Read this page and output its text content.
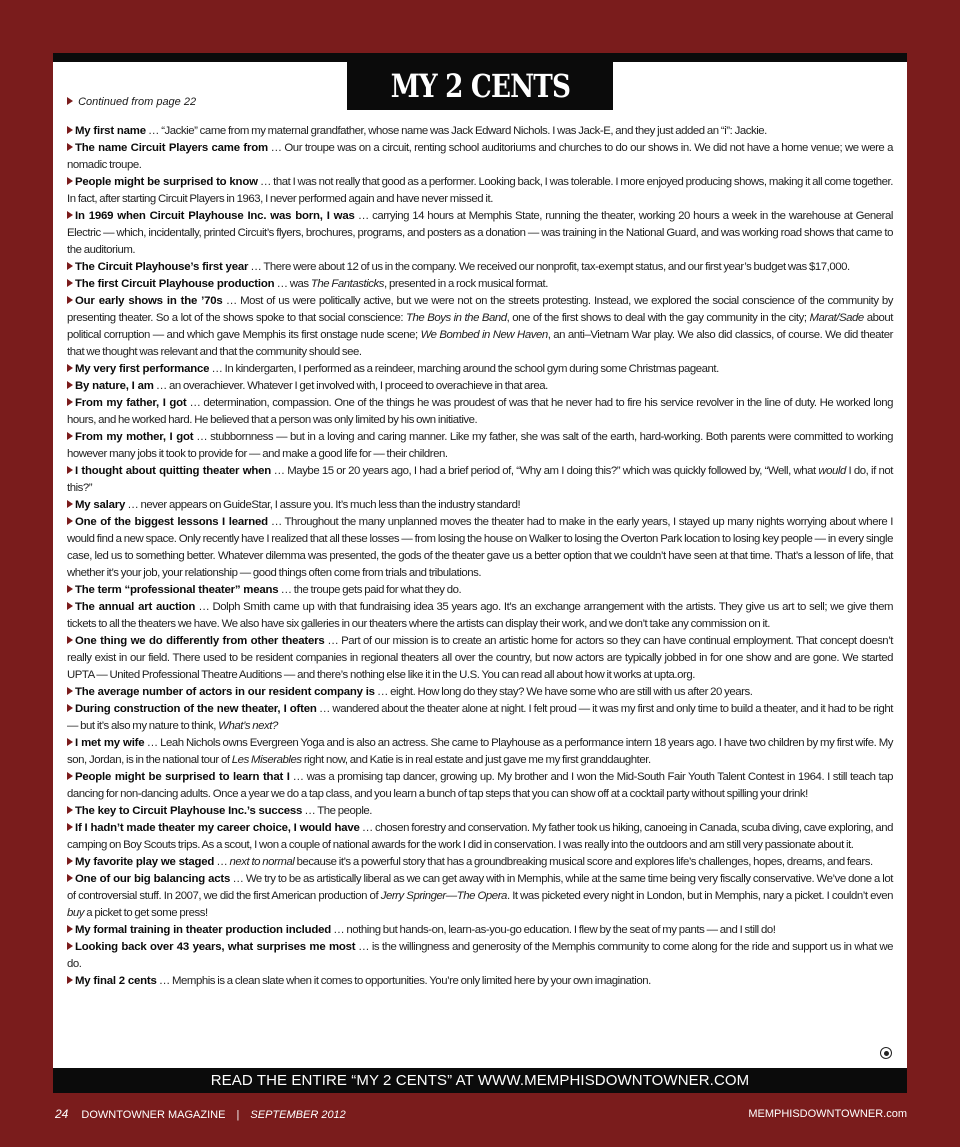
MY 2 CENTS
Continued from page 22

My first name … “Jackie” came from my maternal grandfather, whose name was Jack Edward Nichols. I was Jack-E, and they just added an “i”: Jackie.

The name Circuit Players came from … Our troupe was on a circuit, renting school auditoriums and churches to do our shows in. We did not have a home venue; we were a nomadic troupe.

People might be surprised to know … that I was not really that good as a performer. Looking back, I was tolerable. I more enjoyed producing shows, making it all come together. In fact, after starting Circuit Players in 1963, I never performed again and have never missed it.

In 1969 when Circuit Playhouse Inc. was born, I was … carrying 14 hours at Memphis State, running the theater, working 20 hours a week in the warehouse at General Electric — which, incidentally, printed Circuit’s flyers, brochures, programs, and posters as a donation — was training in the National Guard, and was working road shows that came to the auditorium.

The Circuit Playhouse’s first year … There were about 12 of us in the company. We received our nonprofit, tax-exempt status, and our first year’s budget was $17,000.

The first Circuit Playhouse production … was The Fantasticks, presented in a rock musical format.

Our early shows in the ’70s … Most of us were politically active, but we were not on the streets protesting. Instead, we explored the social conscience of the community by presenting theater. So a lot of the shows spoke to that social conscience: The Boys in the Band, one of the first shows to deal with the gay community in the city; Marat/Sade about political corruption — and which gave Memphis its first onstage nude scene; We Bombed in New Haven, an anti–Vietnam War play. We also did classics, of course. We did theater that we thought was relevant and that the community should see.

My very first performance … In kindergarten, I performed as a reindeer, marching around the school gym during some Christmas pageant.

By nature, I am … an overachiever. Whatever I get involved with, I proceed to overachieve in that area.

From my father, I got … determination, compassion. One of the things he was proudest of was that he never had to fire his service revolver in the line of duty. He worked long hours, and he worked hard. He believed that a person was only limited by his own initiative.

From my mother, I got … stubbornness — but in a loving and caring manner. Like my father, she was salt of the earth, hard-working. Both parents were committed to working however many jobs it took to provide for — and make a good life for — their children.

I thought about quitting theater when … Maybe 15 or 20 years ago, I had a brief period of, “Why am I doing this?” which was quickly followed by, “Well, what would I do, if not this?”

My salary … never appears on GuideStar, I assure you. It’s much less than the industry standard!

One of the biggest lessons I learned … Throughout the many unplanned moves the theater had to make in the early years, I stayed up many nights worrying about where I would find a new space. Only recently have I realized that all these losses — from losing the house on Walker to losing the Overton Park location to losing key people — in every single case, led us to something better. Whatever dilemma was presented, the gods of the theater gave us a better option that we couldn’t have seen at that time. That’s a lesson of life, that whether it’s your job, your relationship — good things often come from trials and tribulations.

The term “professional theater” means … the troupe gets paid for what they do.

The annual art auction … Dolph Smith came up with that fundraising idea 35 years ago. It’s an exchange arrangement with the artists. They give us art to sell; we give them tickets to all the theaters we have. We also have six galleries in our theaters where the artists can display their work, and we don’t take any commission on it.

One thing we do differently from other theaters … Part of our mission is to create an artistic home for actors so they can have continual employment. That concept doesn’t really exist in our field. There used to be resident companies in regional theaters all over the country, but now actors are typically jobbed in for one show and are gone. We started UPTA — United Professional Theatre Auditions — and there’s nothing else like it in the U.S. You can read all about how it works at upta.org.

The average number of actors in our resident company is … eight. How long do they stay? We have some who are still with us after 20 years.

During construction of the new theater, I often … wandered about the theater alone at night. I felt proud — it was my first and only time to build a theater, and it had to be right — but it’s also my nature to think, What’s next?

I met my wife … Leah Nichols owns Evergreen Yoga and is also an actress. She came to Playhouse as a performance intern 18 years ago. I have two children by my first wife. My son, Jordan, is in the national tour of Les Miserables right now, and Katie is in real estate and just gave me my first granddaughter.

People might be surprised to learn that I … was a promising tap dancer, growing up. My brother and I won the Mid-South Fair Youth Talent Contest in 1964. I still teach tap dancing for non-dancing adults. Once a year we do a tap class, and you learn a bunch of tap steps that you can show off at a cocktail party without spilling your drink!

The key to Circuit Playhouse Inc.’s success … The people.

If I hadn’t made theater my career choice, I would have … chosen forestry and conservation. My father took us hiking, canoeing in Canada, scuba diving, cave exploring, and camping on Boy Scouts trips. As a scout, I won a couple of national awards for the work I did in conservation. I was really into the outdoors and am still very passionate about it.

My favorite play we staged … next to normal because it’s a powerful story that has a groundbreaking musical score and explores life’s challenges, hopes, dreams, and fears.

One of our big balancing acts … We try to be as artistically liberal as we can get away with in Memphis, while at the same time being very fiscally conservative. We’ve done a lot of controversial stuff. In 2007, we did the first American production of Jerry Springer—The Opera. It was picketed every night in London, but in Memphis, nary a picket. I couldn’t even buy a picket to get some press!

My formal training in theater production included … nothing but hands-on, learn-as-you-go education. I flew by the seat of my pants — and I still do!

Looking back over 43 years, what surprises me most … is the willingness and generosity of the Memphis community to come along for the ride and support us in what we do.

My final 2 cents … Memphis is a clean slate when it comes to opportunities. You’re only limited here by your own imagination.

READ THE ENTIRE “MY 2 CENTS” AT WWW.MEMPHISDOWNTOWNER.COM
24 DOWNTOWNER MAGAZINE | SEPTEMBER 2012	MEMPHISDOWNTOWNER.com
